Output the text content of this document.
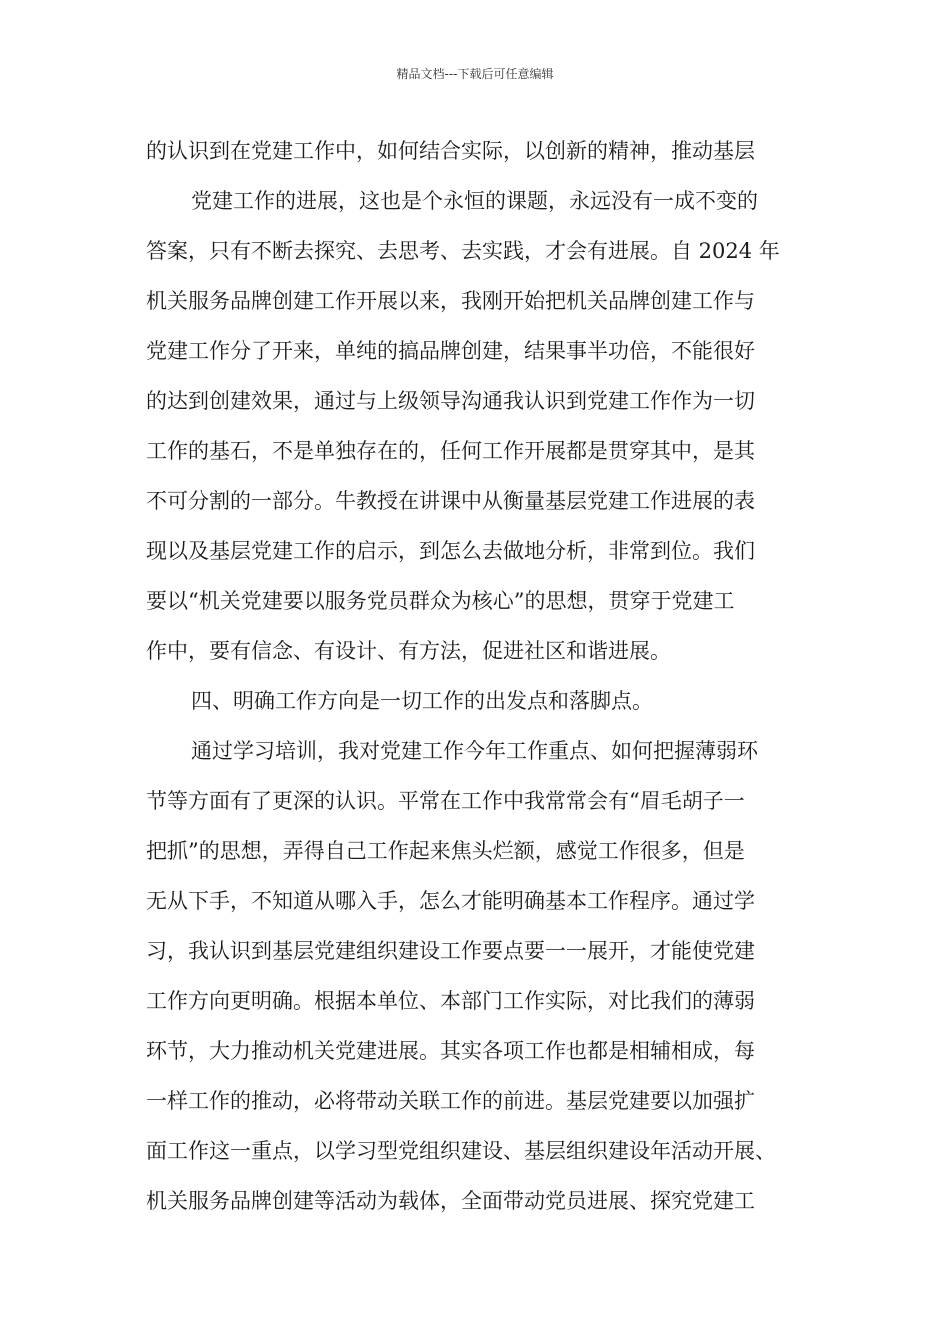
精品文档---下载后可任意编辑
的认识到在党建工作中，如何结合实际，以创新的精神，推动基层
党建工作的进展，这也是个永恒的课题，永远没有一成不变的
答案，只有不断去探究、去思考、去实践，才会有进展。自 2024 年
机关服务品牌创建工作开展以来，我刚开始把机关品牌创建工作与
党建工作分了开来，单纯的搞品牌创建，结果事半功倍，不能很好
的达到创建效果，通过与上级领导沟通我认识到党建工作作为一切
工作的基石，不是单独存在的，任何工作开展都是贯穿其中，是其
不可分割的一部分。牛教授在讲课中从衡量基层党建工作进展的表
现以及基层党建工作的启示，到怎么去做地分析，非常到位。我们
要以“机关党建要以服务党员群众为核心”的思想，贯穿于党建工
作中，要有信念、有设计、有方法，促进社区和谐进展。
四、明确工作方向是一切工作的出发点和落脚点。
通过学习培训，我对党建工作今年工作重点、如何把握薄弱环
节等方面有了更深的认识。平常在工作中我常常会有“眉毛胡子一
把抓”的思想，弄得自己工作起来焦头烂额，感觉工作很多，但是
无从下手，不知道从哪入手，怎么才能明确基本工作程序。通过学
习，我认识到基层党建组织建设工作要点要一一展开，才能使党建
工作方向更明确。根据本单位、本部门工作实际，对比我们的薄弱
环节，大力推动机关党建进展。其实各项工作也都是相辅相成，每
一样工作的推动，必将带动关联工作的前进。基层党建要以加强扩
面工作这一重点，以学习型党组织建设、基层组织建设年活动开展、
机关服务品牌创建等活动为载体，全面带动党员进展、探究党建工
